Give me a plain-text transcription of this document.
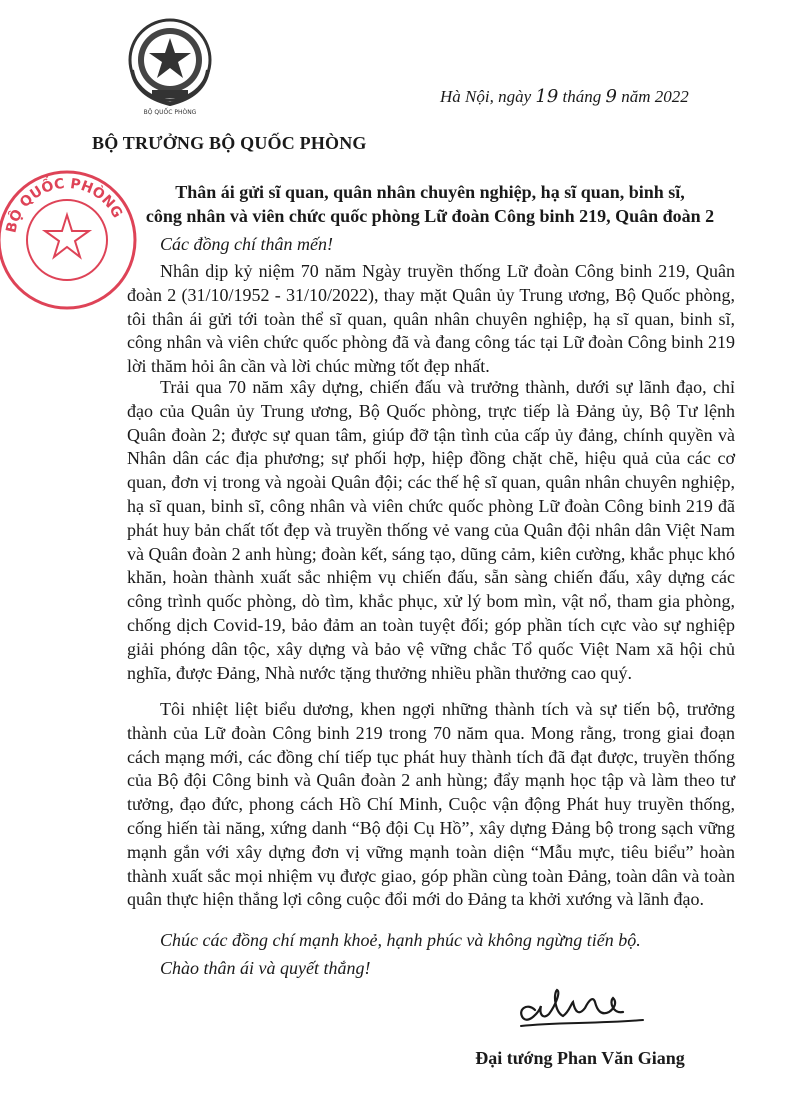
BỘ QUỐC PHÒNG
Hà Nội, ngày 19 tháng 9 năm 2022
BỘ TRƯỞNG BỘ QUỐC PHÒNG
BỘ QUỐC PHÒNG
Thân ái gửi sĩ quan, quân nhân chuyên nghiệp, hạ sĩ quan, binh sĩ,
công nhân và viên chức quốc phòng Lữ đoàn Công binh 219, Quân đoàn 2
Các đồng chí thân mến!
Nhân dịp kỷ niệm 70 năm Ngày truyền thống Lữ đoàn Công binh 219, Quân đoàn 2 (31/10/1952 - 31/10/2022), thay mặt Quân ủy Trung ương, Bộ Quốc phòng, tôi thân ái gửi tới toàn thể sĩ quan, quân nhân chuyên nghiệp, hạ sĩ quan, binh sĩ, công nhân và viên chức quốc phòng đã và đang công tác tại Lữ đoàn Công binh 219 lời thăm hỏi ân cần và lời chúc mừng tốt đẹp nhất.
Trải qua 70 năm xây dựng, chiến đấu và trưởng thành, dưới sự lãnh đạo, chỉ đạo của Quân ủy Trung ương, Bộ Quốc phòng, trực tiếp là Đảng ủy, Bộ Tư lệnh Quân đoàn 2; được sự quan tâm, giúp đỡ tận tình của cấp ủy đảng, chính quyền và Nhân dân các địa phương; sự phối hợp, hiệp đồng chặt chẽ, hiệu quả của các cơ quan, đơn vị trong và ngoài Quân đội; các thế hệ sĩ quan, quân nhân chuyên nghiệp, hạ sĩ quan, binh sĩ, công nhân và viên chức quốc phòng Lữ đoàn Công binh 219 đã phát huy bản chất tốt đẹp và truyền thống vẻ vang của Quân đội nhân dân Việt Nam và Quân đoàn 2 anh hùng; đoàn kết, sáng tạo, dũng cảm, kiên cường, khắc phục khó khăn, hoàn thành xuất sắc nhiệm vụ chiến đấu, sẵn sàng chiến đấu, xây dựng các công trình quốc phòng, dò tìm, khắc phục, xử lý bom mìn, vật nổ, tham gia phòng, chống dịch Covid-19, bảo đảm an toàn tuyệt đối; góp phần tích cực vào sự nghiệp giải phóng dân tộc, xây dựng và bảo vệ vững chắc Tổ quốc Việt Nam xã hội chủ nghĩa, được Đảng, Nhà nước tặng thưởng nhiều phần thưởng cao quý.
Tôi nhiệt liệt biểu dương, khen ngợi những thành tích và sự tiến bộ, trưởng thành của Lữ đoàn Công binh 219 trong 70 năm qua. Mong rằng, trong giai đoạn cách mạng mới, các đồng chí tiếp tục phát huy thành tích đã đạt được, truyền thống của Bộ đội Công binh và Quân đoàn 2 anh hùng; đẩy mạnh học tập và làm theo tư tưởng, đạo đức, phong cách Hồ Chí Minh, Cuộc vận động Phát huy truyền thống, cống hiến tài năng, xứng danh “Bộ đội Cụ Hồ”, xây dựng Đảng bộ trong sạch vững mạnh gắn với xây dựng đơn vị vững mạnh toàn diện “Mẫu mực, tiêu biểu” hoàn thành xuất sắc mọi nhiệm vụ được giao, góp phần cùng toàn Đảng, toàn dân và toàn quân thực hiện thắng lợi công cuộc đổi mới do Đảng ta khởi xướng và lãnh đạo.
Chúc các đồng chí mạnh khoẻ, hạnh phúc và không ngừng tiến bộ.
Chào thân ái và quyết thắng!
Đại tướng Phan Văn Giang
